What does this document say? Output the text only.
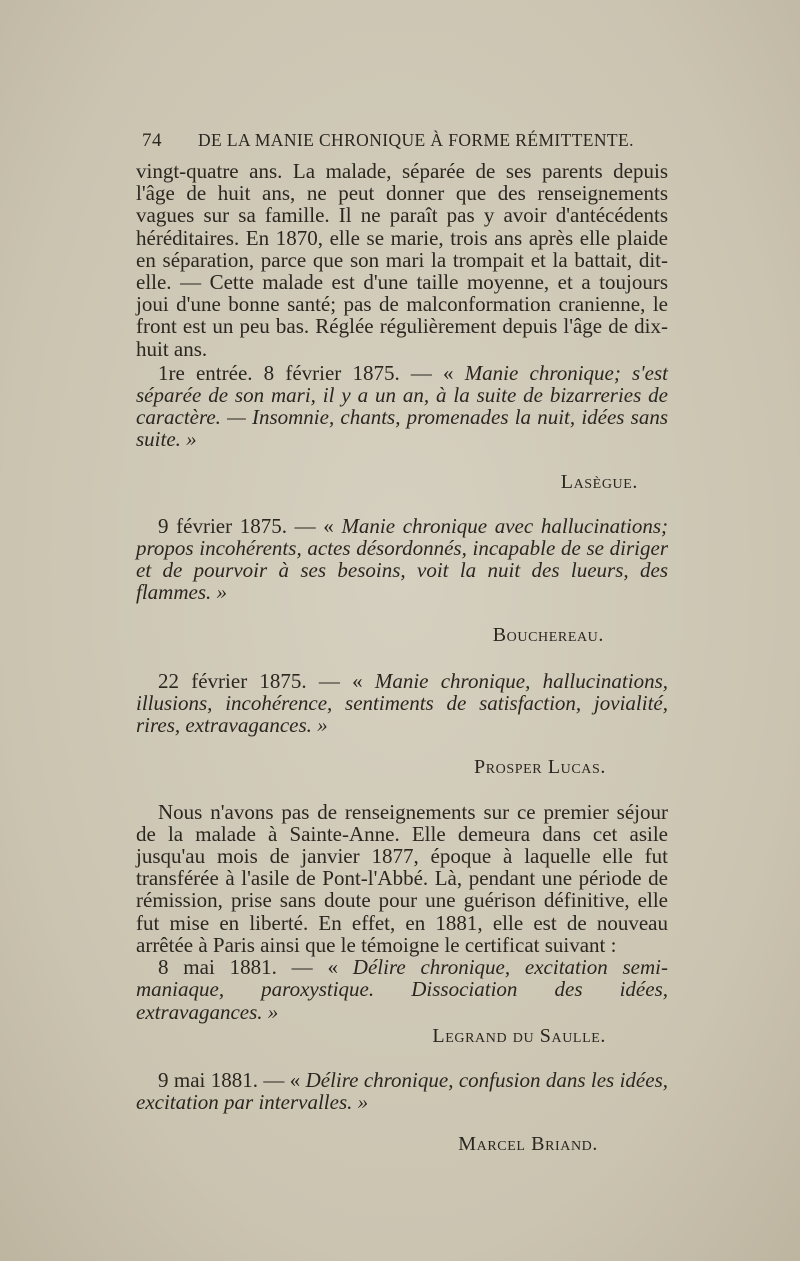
74 DE LA MANIE CHRONIQUE À FORME RÉMITTENTE.

vingt-quatre ans. La malade, séparée de ses parents depuis l'âge de huit ans, ne peut donner que des renseignements vagues sur sa famille. Il ne paraît pas y avoir d'antécédents héréditaires. En 1870, elle se marie, trois ans après elle plaide en séparation, parce que son mari la trompait et la battait, dit-elle. — Cette malade est d'une taille moyenne, et a toujours joui d'une bonne santé; pas de malconformation cranienne, le front est un peu bas. Réglée régulièrement depuis l'âge de dix-huit ans.

1re entrée. 8 février 1875. — « Manie chronique; s'est séparée de son mari, il y a un an, à la suite de bizarreries de caractère. — Insomnie, chants, promenades la nuit, idées sans suite. »

Lasègue.

9 février 1875. — « Manie chronique avec hallucinations; propos incohérents, actes désordonnés, incapable de se diriger et de pourvoir à ses besoins, voit la nuit des lueurs, des flammes. »

Bouchereau.

22 février 1875. — « Manie chronique, hallucinations, illusions, incohérence, sentiments de satisfaction, jovialité, rires, extravagances. »

Prosper Lucas.

Nous n'avons pas de renseignements sur ce premier séjour de la malade à Sainte-Anne. Elle demeura dans cet asile jusqu'au mois de janvier 1877, époque à laquelle elle fut transférée à l'asile de Pont-l'Abbé. Là, pendant une période de rémission, prise sans doute pour une guérison définitive, elle fut mise en liberté. En effet, en 1881, elle est de nouveau arrêtée à Paris ainsi que le témoigne le certificat suivant :

8 mai 1881. — « Délire chronique, excitation semi-maniaque, paroxystique. Dissociation des idées, extravagances. »

Legrand du Saulle.

9 mai 1881. — « Délire chronique, confusion dans les idées, excitation par intervalles. »

Marcel Briand.
